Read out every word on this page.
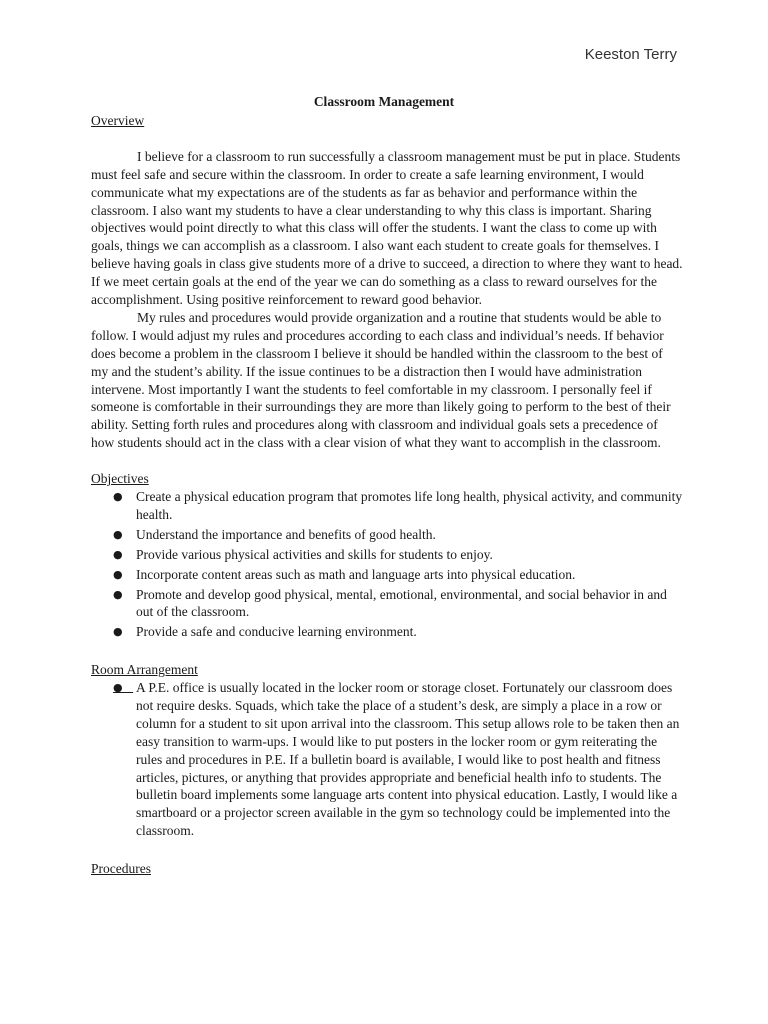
Keeston Terry
Classroom Management

Overview

I believe for a classroom to run successfully a classroom management must be put in place. Students must feel safe and secure within the classroom. In order to create a safe learning environment, I would communicate what my expectations are of the students as far as behavior and performance within the classroom. I also want my students to have a clear understanding to why this class is important. Sharing objectives would point directly to what this class will offer the students. I want the class to come up with goals, things we can accomplish as a classroom. I also want each student to create goals for themselves. I believe having goals in class give students more of a drive to succeed, a direction to where they want to head. If we meet certain goals at the end of the year we can do something as a class to reward ourselves for the accomplishment. Using positive reinforcement to reward good behavior.

My rules and procedures would provide organization and a routine that students would be able to follow. I would adjust my rules and procedures according to each class and individual’s needs. If behavior does become a problem in the classroom I believe it should be handled within the classroom to the best of my and the student’s ability. If the issue continues to be a distraction then I would have administration intervene. Most importantly I want the students to feel comfortable in my classroom. I personally feel if someone is comfortable in their surroundings they are more than likely going to perform to the best of their ability. Setting forth rules and procedures along with classroom and individual goals sets a precedence of how students should act in the class with a clear vision of what they want to accomplish in the classroom.

Objectives

● Create a physical education program that promotes life long health, physical activity, and community health.
● Understand the importance and benefits of good health.
● Provide various physical activities and skills for students to enjoy.
● Incorporate content areas such as math and language arts into physical education.
● Promote and develop good physical, mental, emotional, environmental, and social behavior in and out of the classroom.
● Provide a safe and conducive learning environment.

Room Arrangement

● A P.E. office is usually located in the locker room or storage closet. Fortunately our classroom does not require desks. Squads, which take the place of a student’s desk, are simply a place in a row or column for a student to sit upon arrival into the classroom. This setup allows role to be taken then an easy transition to warm-ups. I would like to put posters in the locker room or gym reiterating the rules and procedures in P.E. If a bulletin board is available, I would like to post health and fitness articles, pictures, or anything that provides appropriate and beneficial health info to students. The bulletin board implements some language arts content into physical education. Lastly, I would like a smartboard or a projector screen available in the gym so technology could be implemented into the classroom.

Procedures
